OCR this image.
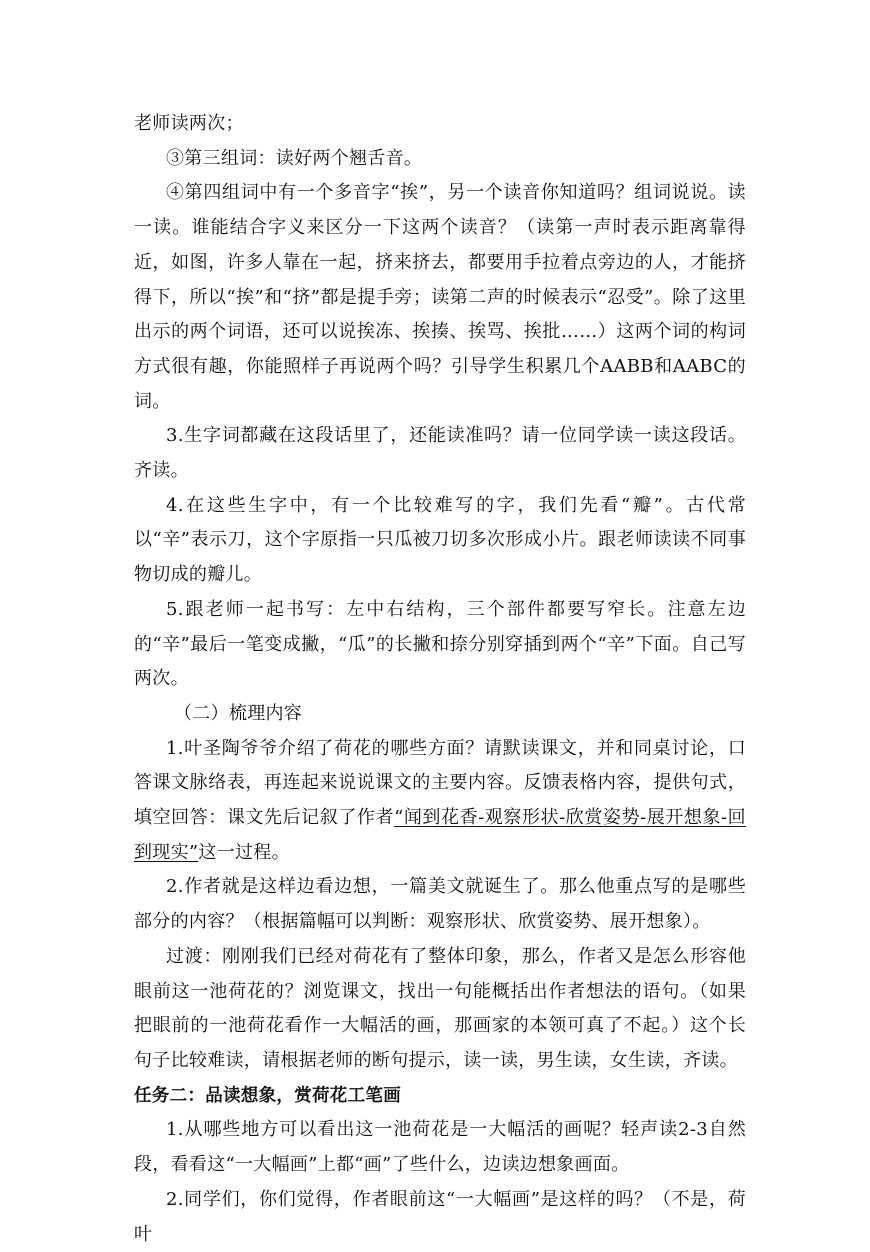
老师读两次；

③第三组词：读好两个翘舌音。

④第四组词中有一个多音字“挨”，另一个读音你知道吗？组词说说。读一读。谁能结合字义来区分一下这两个读音？（读第一声时表示距离靠得近，如图，许多人靠在一起，挤来挤去，都要用手拉着点旁边的人，才能挤得下，所以“挨”和“挤”都是提手旁；读第二声的时候表示“忍受”。除了这里出示的两个词语，还可以说挨冻、挨揍、挨骂、挨批……）这两个词的构词方式很有趣，你能照样子再说两个吗？引导学生积累几个AABB和AABC的词。

3.生字词都藏在这段话里了，还能读准吗？请一位同学读一读这段话。齐读。

4.在这些生字中，有一个比较难写的字，我们先看“瓣”。古代常以“辛”表示刀，这个字原指一只瓜被刀切多次形成小片。跟老师读读不同事物切成的瓣儿。

5.跟老师一起书写：左中右结构，三个部件都要写窄长。注意左边的“辛”最后一笔变成撇，“瓜”的长撇和捺分别穿插到两个“辛”下面。自己写两次。

（二）梳理内容

1.叶圣陶爷爷介绍了荷花的哪些方面？请默读课文，并和同桌讨论，口答课文脉络表，再连起来说说课文的主要内容。反馈表格内容，提供句式，填空回答：课文先后记叙了作者“闻到花香-观察形状-欣赏姿势-展开想象-回到现实”这一过程。

2.作者就是这样边看边想，一篇美文就诞生了。那么他重点写的是哪些部分的内容？（根据篇幅可以判断：观察形状、欣赏姿势、展开想象）。

过渡：刚刚我们已经对荷花有了整体印象，那么，作者又是怎么形容他眼前这一池荷花的？浏览课文，找出一句能概括出作者想法的语句。（如果把眼前的一池荷花看作一大幅活的画，那画家的本领可真了不起。）这个长句子比较难读，请根据老师的断句提示，读一读，男生读，女生读，齐读。

任务二：品读想象，赏荷花工笔画

1.从哪些地方可以看出这一池荷花是一大幅活的画呢？轻声读2-3自然段，看看这“一大幅画”上都“画”了些什么，边读边想象画面。

2.同学们，你们觉得，作者眼前这“一大幅画”是这样的吗？（不是，荷叶
